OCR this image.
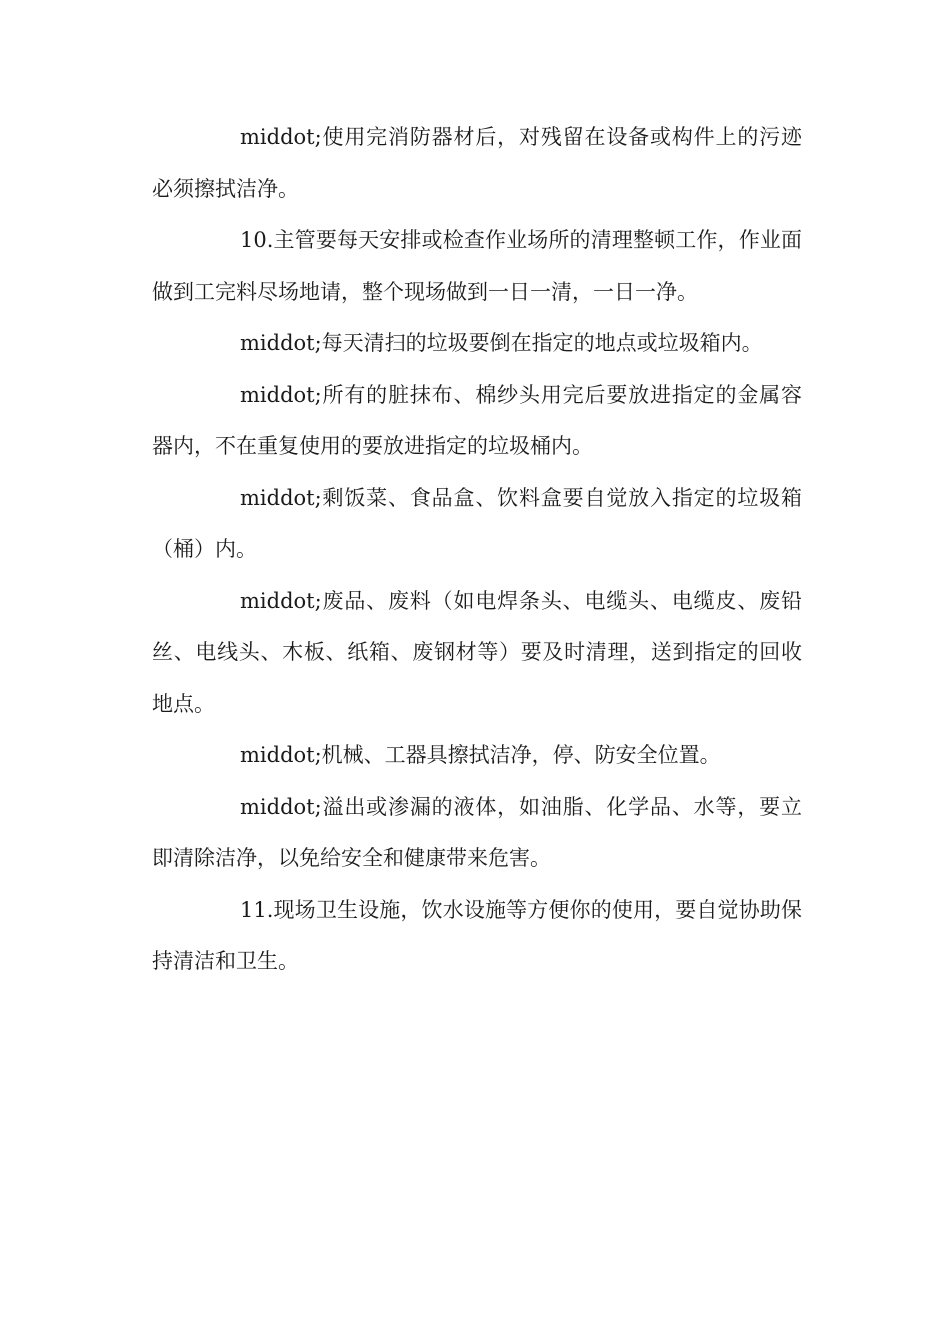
middot;使用完消防器材后，对残留在设备或构件上的污迹必须擦拭洁净。

10.主管要每天安排或检查作业场所的清理整顿工作，作业面做到工完料尽场地请，整个现场做到一日一清，一日一净。

middot;每天清扫的垃圾要倒在指定的地点或垃圾箱内。

middot;所有的脏抹布、棉纱头用完后要放进指定的金属容器内，不在重复使用的要放进指定的垃圾桶内。

middot;剩饭菜、食品盒、饮料盒要自觉放入指定的垃圾箱（桶）内。

middot;废品、废料（如电焊条头、电缆头、电缆皮、废铅丝、电线头、木板、纸箱、废钢材等）要及时清理，送到指定的回收地点。

middot;机械、工器具擦拭洁净，停、防安全位置。

middot;溢出或渗漏的液体，如油脂、化学品、水等，要立即清除洁净，以免给安全和健康带来危害。

11.现场卫生设施，饮水设施等方便你的使用，要自觉协助保持清洁和卫生。
